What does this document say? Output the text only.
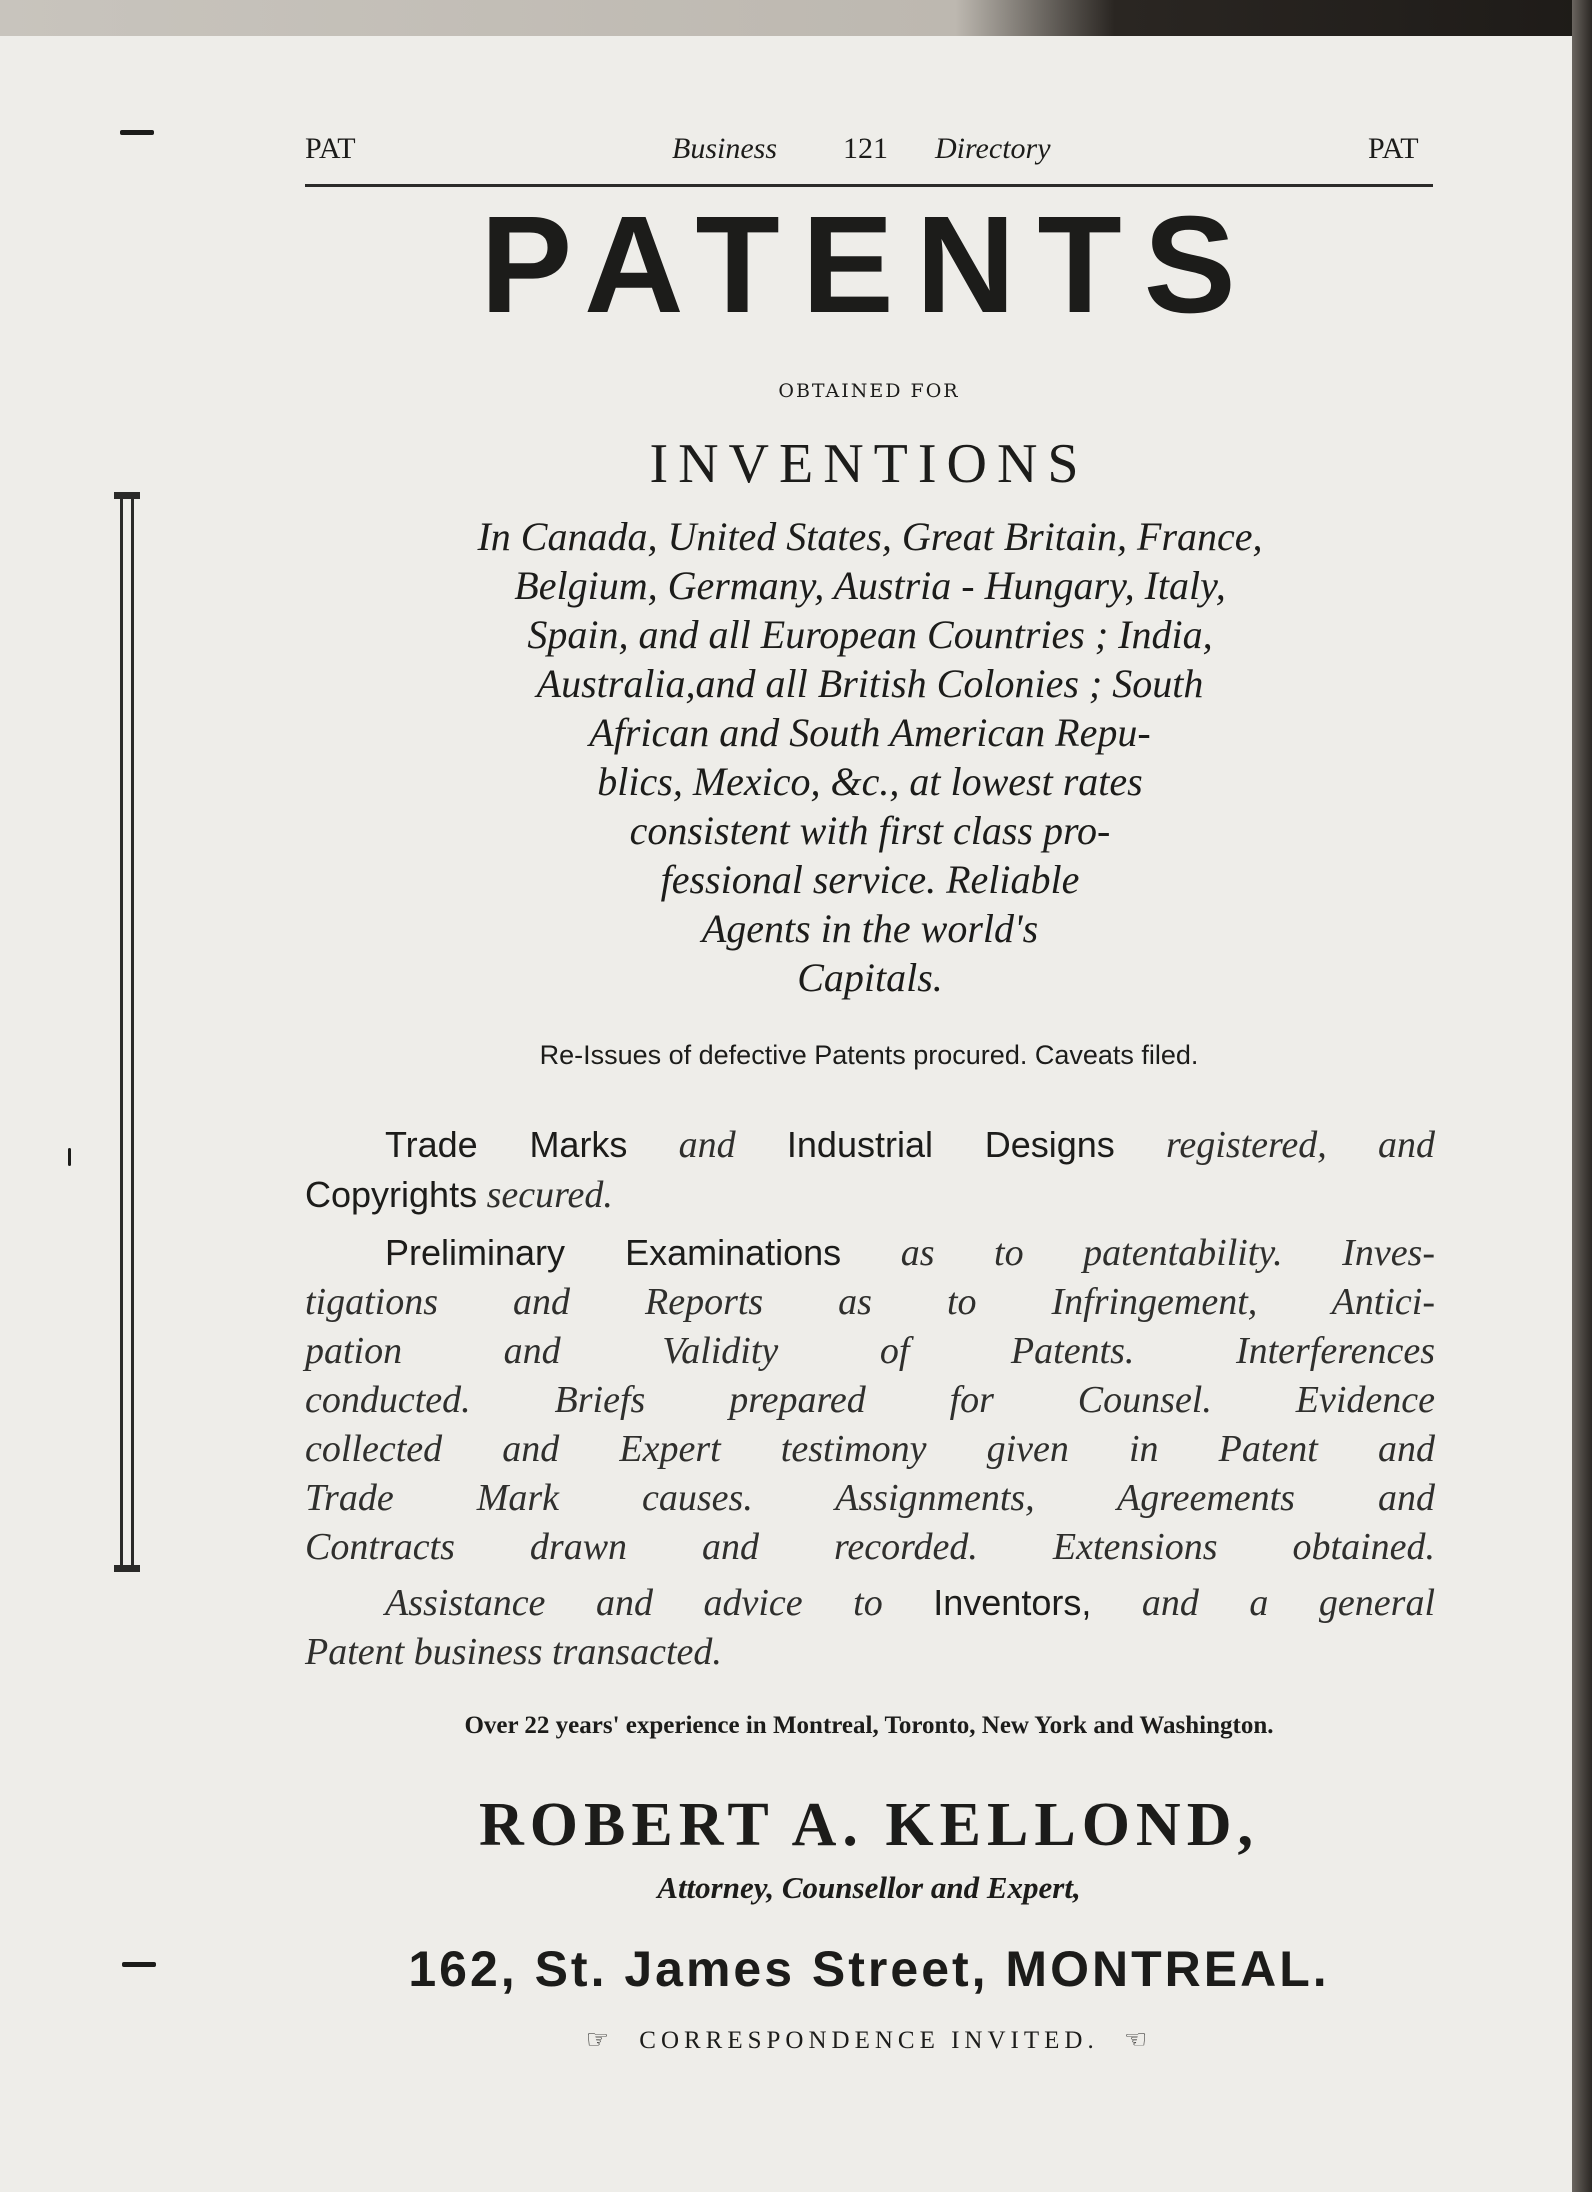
PAT	Business 121 Directory	PAT
PATENTS
OBTAINED FOR
INVENTIONS
In Canada, United States, Great Britain, France,
Belgium, Germany, Austria - Hungary, Italy,
Spain, and all European Countries ; India,
Australia,and all British Colonies ; South
African and South American Repu-
blics, Mexico, &c., at lowest rates
consistent with first class pro-
fessional service. Reliable
Agents in the world's
Capitals.
Re-Issues of defective Patents procured. Caveats filed.
Trade Marks and Industrial Designs registered, and
Copyrights secured.
Preliminary Examinations as to patentability. Inves-
tigations and Reports as to Infringement, Antici-
pation and Validity of Patents. Interferences
conducted. Briefs prepared for Counsel. Evidence
collected and Expert testimony given in Patent and
Trade Mark causes. Assignments, Agreements and
Contracts drawn and recorded. Extensions obtained.
Assistance and advice to Inventors, and a general
Patent business transacted.
Over 22 years' experience in Montreal, Toronto, New York and Washington.
ROBERT A. KELLOND,
Attorney, Counsellor and Expert,
162, St. James Street, MONTREAL.
☞ CORRESPONDENCE INVITED. ☜
